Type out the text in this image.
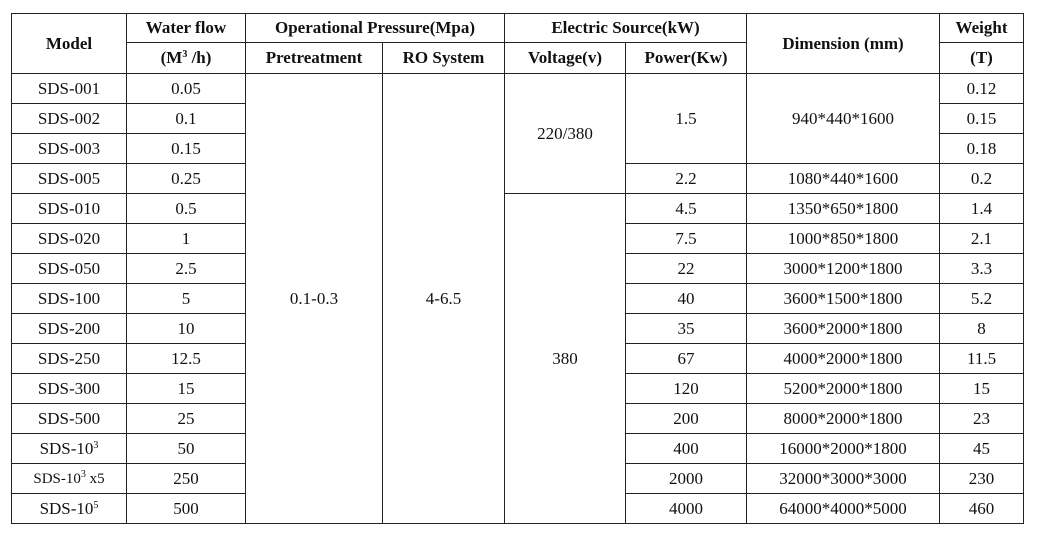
Model	Water flow	Operational Pressure(Mpa)		Electric Source(kW)		Dimension (mm)	Weight
	($M^3$ /h)	Pretreatment	RO System	Voltage(v)	Power(Kw)		(T)
SDS-001	0.05	0.1-0.3	4-6.5	220/380	1.5	940*440*1600	0.12
SDS-002	0.1						0.15
SDS-003	0.15						0.18
SDS-005	0.25				2.2	1080*440*1600	0.2
SDS-010	0.5			380	4.5	1350*650*1800	1.4
SDS-020	1				7.5	1000*850*1800	2.1
SDS-050	2.5				22	3000*1200*1800	3.3
SDS-100	5				40	3600*1500*1800	5.2
SDS-200	10				35	3600*2000*1800	8
SDS-250	12.5				67	4000*2000*1800	11.5
SDS-300	15				120	5200*2000*1800	15
SDS-500	25				200	8000*2000*1800	23
SDS-$10^3$	50				400	16000*2000*1800	45
SDS-$10^3$ x5	250				2000	32000*3000*3000	230
SDS-$10^5$	500				4000	64000*4000*5000	460
